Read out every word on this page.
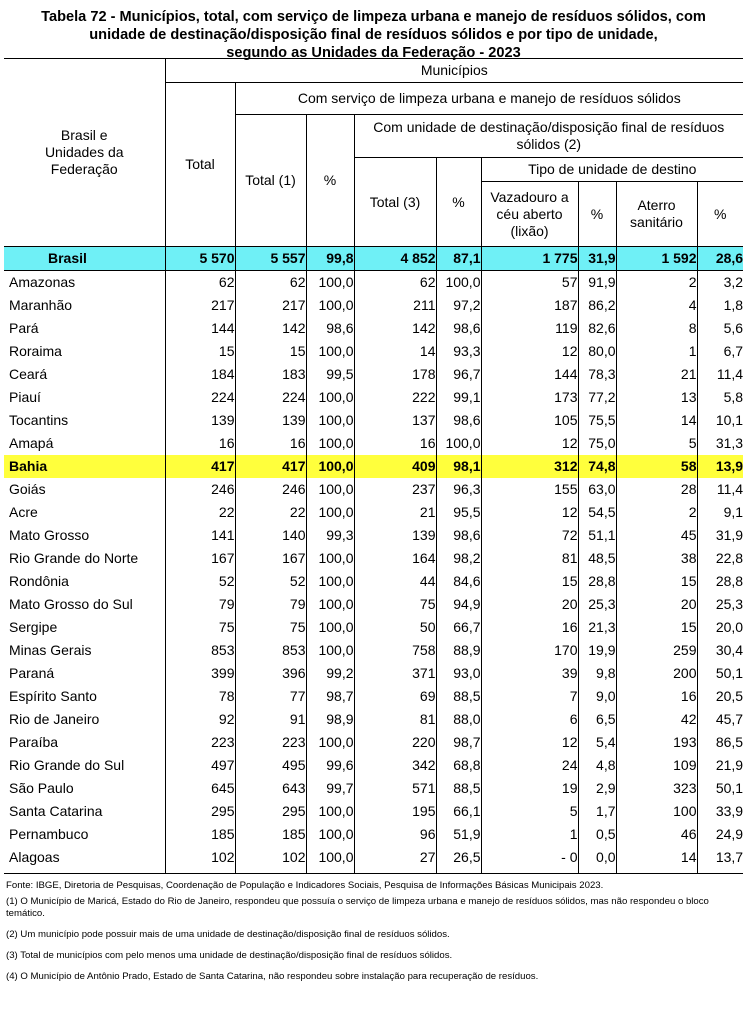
Tabela 72 - Municípios, total, com serviço de limpeza urbana e manejo de resíduos sólidos, com
unidade de destinação/disposição final de resíduos sólidos e por tipo de unidade,
segundo as Unidades da Federação - 2023
Brasil e Unidades da Federação	Municípios								
	Total	Com serviço de limpeza urbana e manejo de resíduos sólidos							
		Total (1)	%	Com unidade de destinação/disposição final de resíduos sólidos (2)					
				Total (3)	%	Tipo de unidade de destino			
						Vazadouro a céu aberto (lixão)	%	Aterro sanitário	%
Brasil	5 570	5 557	99,8	4 852	87,1	1 775	31,9	1 592	28,6
Amazonas	62	62	100,0	62	100,0	57	91,9	2	3,2
Maranhão	217	217	100,0	211	97,2	187	86,2	4	1,8
Pará	144	142	98,6	142	98,6	119	82,6	8	5,6
Roraima	15	15	100,0	14	93,3	12	80,0	1	6,7
Ceará	184	183	99,5	178	96,7	144	78,3	21	11,4
Piauí	224	224	100,0	222	99,1	173	77,2	13	5,8
Tocantins	139	139	100,0	137	98,6	105	75,5	14	10,1
Amapá	16	16	100,0	16	100,0	12	75,0	5	31,3
Bahia	417	417	100,0	409	98,1	312	74,8	58	13,9
Goiás	246	246	100,0	237	96,3	155	63,0	28	11,4
Acre	22	22	100,0	21	95,5	12	54,5	2	9,1
Mato Grosso	141	140	99,3	139	98,6	72	51,1	45	31,9
Rio Grande do Norte	167	167	100,0	164	98,2	81	48,5	38	22,8
Rondônia	52	52	100,0	44	84,6	15	28,8	15	28,8
Mato Grosso do Sul	79	79	100,0	75	94,9	20	25,3	20	25,3
Sergipe	75	75	100,0	50	66,7	16	21,3	15	20,0
Minas Gerais	853	853	100,0	758	88,9	170	19,9	259	30,4
Paraná	399	396	99,2	371	93,0	39	9,8	200	50,1
Espírito Santo	78	77	98,7	69	88,5	7	9,0	16	20,5
Rio de Janeiro	92	91	98,9	81	88,0	6	6,5	42	45,7
Paraíba	223	223	100,0	220	98,7	12	5,4	193	86,5
Rio Grande do Sul	497	495	99,6	342	68,8	24	4,8	109	21,9
São Paulo	645	643	99,7	571	88,5	19	2,9	323	50,1
Santa Catarina	295	295	100,0	195	66,1	5	1,7	100	33,9
Pernambuco	185	185	100,0	96	51,9	1	0,5	46	24,9
Alagoas	102	102	100,0	27	26,5	- 0	0,0	14	13,7

Fonte: IBGE, Diretoria de Pesquisas, Coordenação de População e Indicadores Sociais, Pesquisa de Informações Básicas Municipais 2023.

(1) O Município de Maricá, Estado do Rio de Janeiro, respondeu que possuía o serviço de limpeza urbana e manejo de resíduos sólidos, mas não respondeu o bloco temático.

(2) Um município pode possuir mais de uma unidade de destinação/disposição final de resíduos sólidos.

(3) Total de municípios com pelo menos uma unidade de destinação/disposição final de resíduos sólidos.

(4) O Município de Antônio Prado, Estado de Santa Catarina, não respondeu sobre instalação para recuperação de resíduos.
